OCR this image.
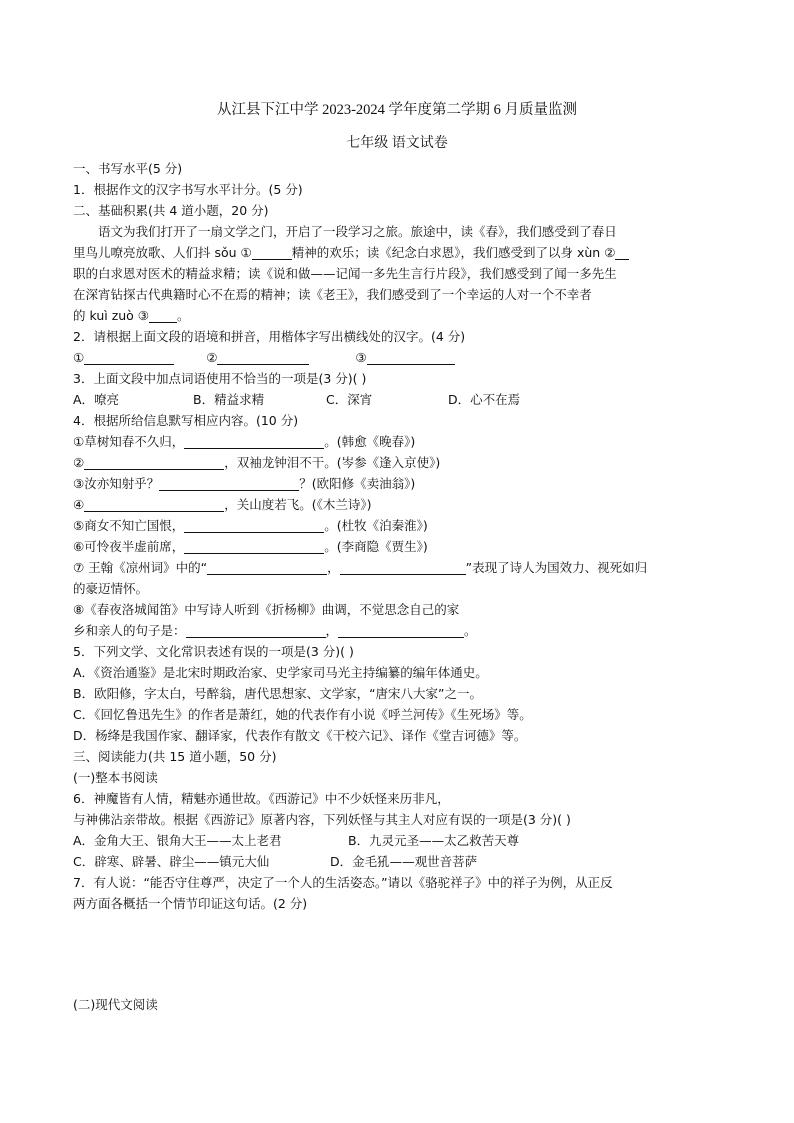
从江县下江中学 2023-2024 学年度第二学期 6 月质量监测
七年级 语文试卷
一、书写水平(5 分)
1．根据作文的汉字书写水平计分。(5 分)
二、基础积累(共 4 道小题，20 分)
语文为我们打开了一扇文学之门，开启了一段学习之旅。旅途中，读《春》，我们感受到了春日
里鸟儿嘹亮放歌、人们抖 sǒu ①	精神的欢乐；读《纪念白求恩》，我们感受到了以身 xùn ②
职的白求恩对医术的精益求精；读《说和做——记闻一多先生言行片段》，我们感受到了闻一多先生
在深宵钻探古代典籍时心不在焉的精神；读《老王》，我们感受到了一个幸运的人对一个不幸者
的 kuì zuò ③ 。
2．请根据上面文段的语境和拼音，用楷体字写出横线处的汉字。(4 分)
①	②	③
3．上面文段中加点词语使用不恰当的一项是(3 分)( )
A．嘹亮	B．精益求精	C．深宵	D．心不在焉
4．根据所给信息默写相应内容。(10 分)
①草树知春不久归，	。(韩愈《晚春》)
②	，双袖龙钟泪不干。(岑参《逢入京使》)
③汝亦知射乎？	？(欧阳修《卖油翁》)
④	，关山度若飞。(《木兰诗》)
⑤商女不知亡国恨，	。(杜牧《泊秦淮》)
⑥可怜夜半虚前席，	。(李商隐《贾生》)
⑦ 王翰《凉州词》中的“	，	”表现了诗人为国效力、视死如归
的豪迈情怀。
⑧《春夜洛城闻笛》中写诗人听到《折杨柳》曲调，不觉思念自己的家
乡和亲人的句子是：	，	。
5．下列文学、文化常识表述有误的一项是(3 分)( )
A．《资治通鉴》是北宋时期政治家、史学家司马光主持编纂的编年体通史。
B．欧阳修，字太白，号醉翁，唐代思想家、文学家，“唐宋八大家”之一。
C．《回忆鲁迅先生》的作者是萧红，她的代表作有小说《呼兰河传》《生死场》等。
D．杨绛是我国作家、翻译家，代表作有散文《干校六记》、译作《堂吉诃德》等。
三、阅读能力(共 15 道小题，50 分)
(一)整本书阅读
6．神魔皆有人情，精魅亦通世故。《西游记》中不少妖怪来历非凡，
与神佛沾亲带故。根据《西游记》原著内容，下列妖怪与其主人对应有误的一项是(3 分)( )
A．金角大王、银角大王——太上老君	B．九灵元圣——太乙救苦天尊
C．辟寒、辟暑、辟尘——镇元大仙	D．金毛犼——观世音菩萨
7．有人说：“能否守住尊严，决定了一个人的生活姿态。”请以《骆驼祥子》中的祥子为例，从正反
两方面各概括一个情节印证这句话。(2 分)
(二)现代文阅读
